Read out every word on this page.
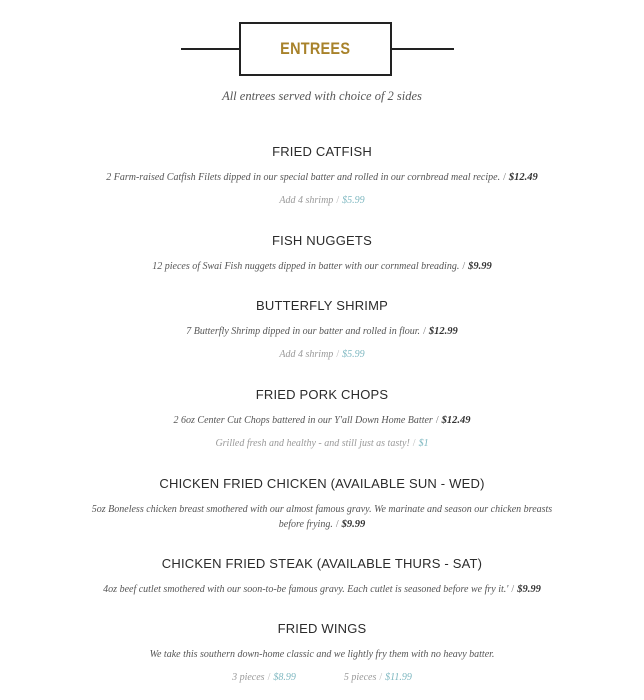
ENTREES
All entrees served with choice of 2 sides
FRIED CATFISH
2 Farm-raised Catfish Filets dipped in our special batter and rolled in our cornbread meal recipe. / $12.49
Add 4 shrimp / $5.99
FISH NUGGETS
12 pieces of Swai Fish nuggets dipped in batter with our cornmeal breading. / $9.99
BUTTERFLY SHRIMP
7 Butterfly Shrimp dipped in our batter and rolled in flour. / $12.99
Add 4 shrimp / $5.99
FRIED PORK CHOPS
2 6oz Center Cut Chops battered in our Y'all Down Home Batter / $12.49
Grilled fresh and healthy - and still just as tasty! / $1
CHICKEN FRIED CHICKEN (AVAILABLE SUN - WED)
5oz Boneless chicken breast smothered with our almost famous gravy. We marinate and season our chicken breasts before frying. / $9.99
CHICKEN FRIED STEAK (AVAILABLE THURS - SAT)
4oz beef cutlet smothered with our soon-to-be famous gravy. Each cutlet is seasoned before we fry it.' / $9.99
FRIED WINGS
We take this southern down-home classic and we lightly fry them with no heavy batter.
3 pieces / $8.99	5 pieces / $11.99
